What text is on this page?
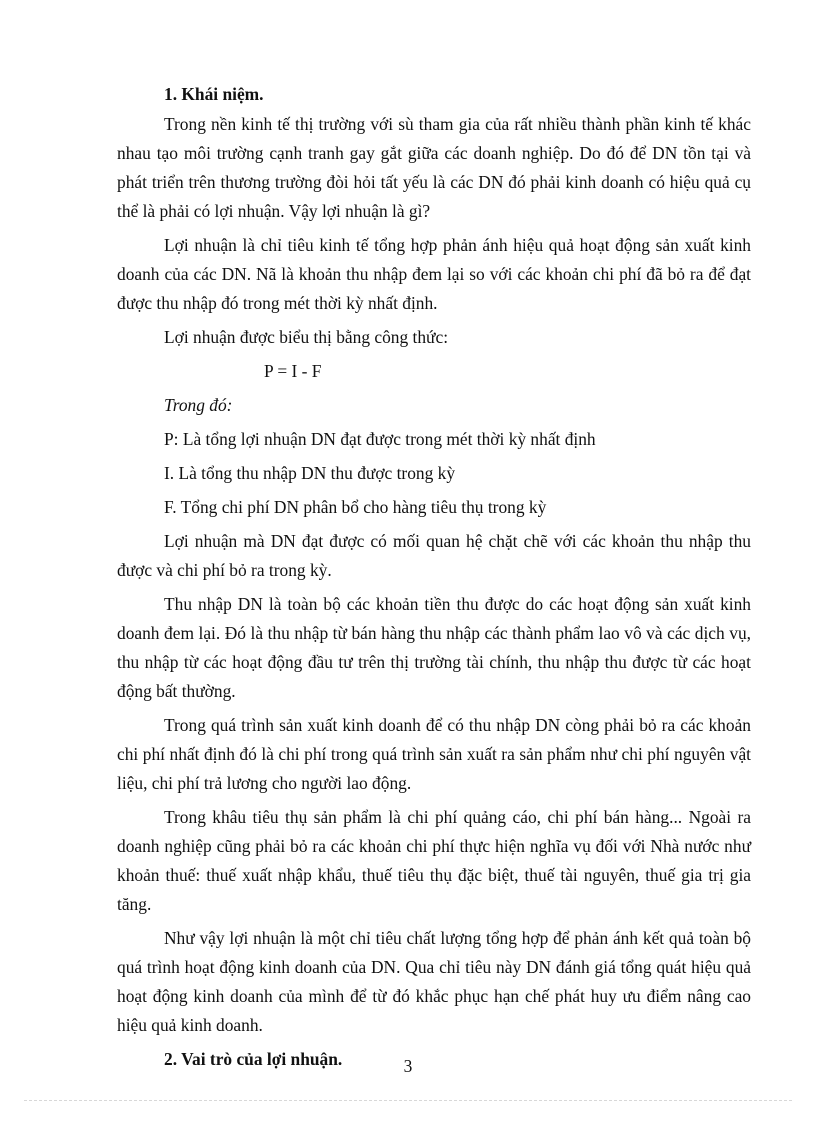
1. Khái niệm.

Trong nền kinh tế thị trường với sù tham gia của rất nhiều thành phần kinh tế khác nhau tạo môi trường cạnh tranh gay gắt giữa các doanh nghiệp. Do đó để DN tồn tại và phát triển trên thương trường đòi hỏi tất yếu là các DN đó phải kinh doanh có hiệu quả cụ thể là phải có lợi nhuận. Vậy lợi nhuận là gì?

Lợi nhuận là chỉ tiêu kinh tế tổng hợp phản ánh hiệu quả hoạt động sản xuất kinh doanh của các DN. Nã là khoản thu nhập đem lại so với các khoản chi phí đã bỏ ra để đạt được thu nhập đó trong mét thời kỳ nhất định.

Lợi nhuận được biểu thị bằng công thức:

P = I - F

Trong đó:

P: Là tổng lợi nhuận DN đạt được trong mét thời kỳ nhất định

I. Là tổng thu nhập DN thu được trong kỳ

F. Tổng chi phí DN phân bổ cho hàng tiêu thụ trong kỳ

Lợi nhuận mà DN đạt được có mối quan hệ chặt chẽ với các khoản thu nhập thu được và chi phí bỏ ra trong kỳ.

Thu nhập DN là toàn bộ các khoản tiền thu được do các hoạt động sản xuất kinh doanh đem lại. Đó là thu nhập từ bán hàng thu nhập các thành phẩm lao vô và các dịch vụ, thu nhập từ các hoạt động đầu tư trên thị trường tài chính, thu nhập thu được từ các hoạt động bất thường.

Trong quá trình sản xuất kinh doanh để có thu nhập DN còng phải bỏ ra các khoản chi phí nhất định đó là chi phí trong quá trình sản xuất ra sản phẩm như chi phí nguyên vật liệu, chi phí trả lương cho người lao động.

Trong khâu tiêu thụ sản phẩm là chi phí quảng cáo, chi phí bán hàng... Ngoài ra doanh nghiệp cũng phải bỏ ra các khoản chi phí thực hiện nghĩa vụ đối với Nhà nước như khoản thuế: thuế xuất nhập khẩu, thuế tiêu thụ đặc biệt, thuế tài nguyên, thuế gia trị gia tăng.

Như vậy lợi nhuận là một chỉ tiêu chất lượng tổng hợp để phản ánh kết quả toàn bộ quá trình hoạt động kinh doanh của DN. Qua chỉ tiêu này DN đánh giá tổng quát hiệu quả hoạt động kinh doanh của mình để từ đó khắc phục hạn chế phát huy ưu điểm nâng cao hiệu quả kinh doanh.

2. Vai trò của lợi nhuận.	3
